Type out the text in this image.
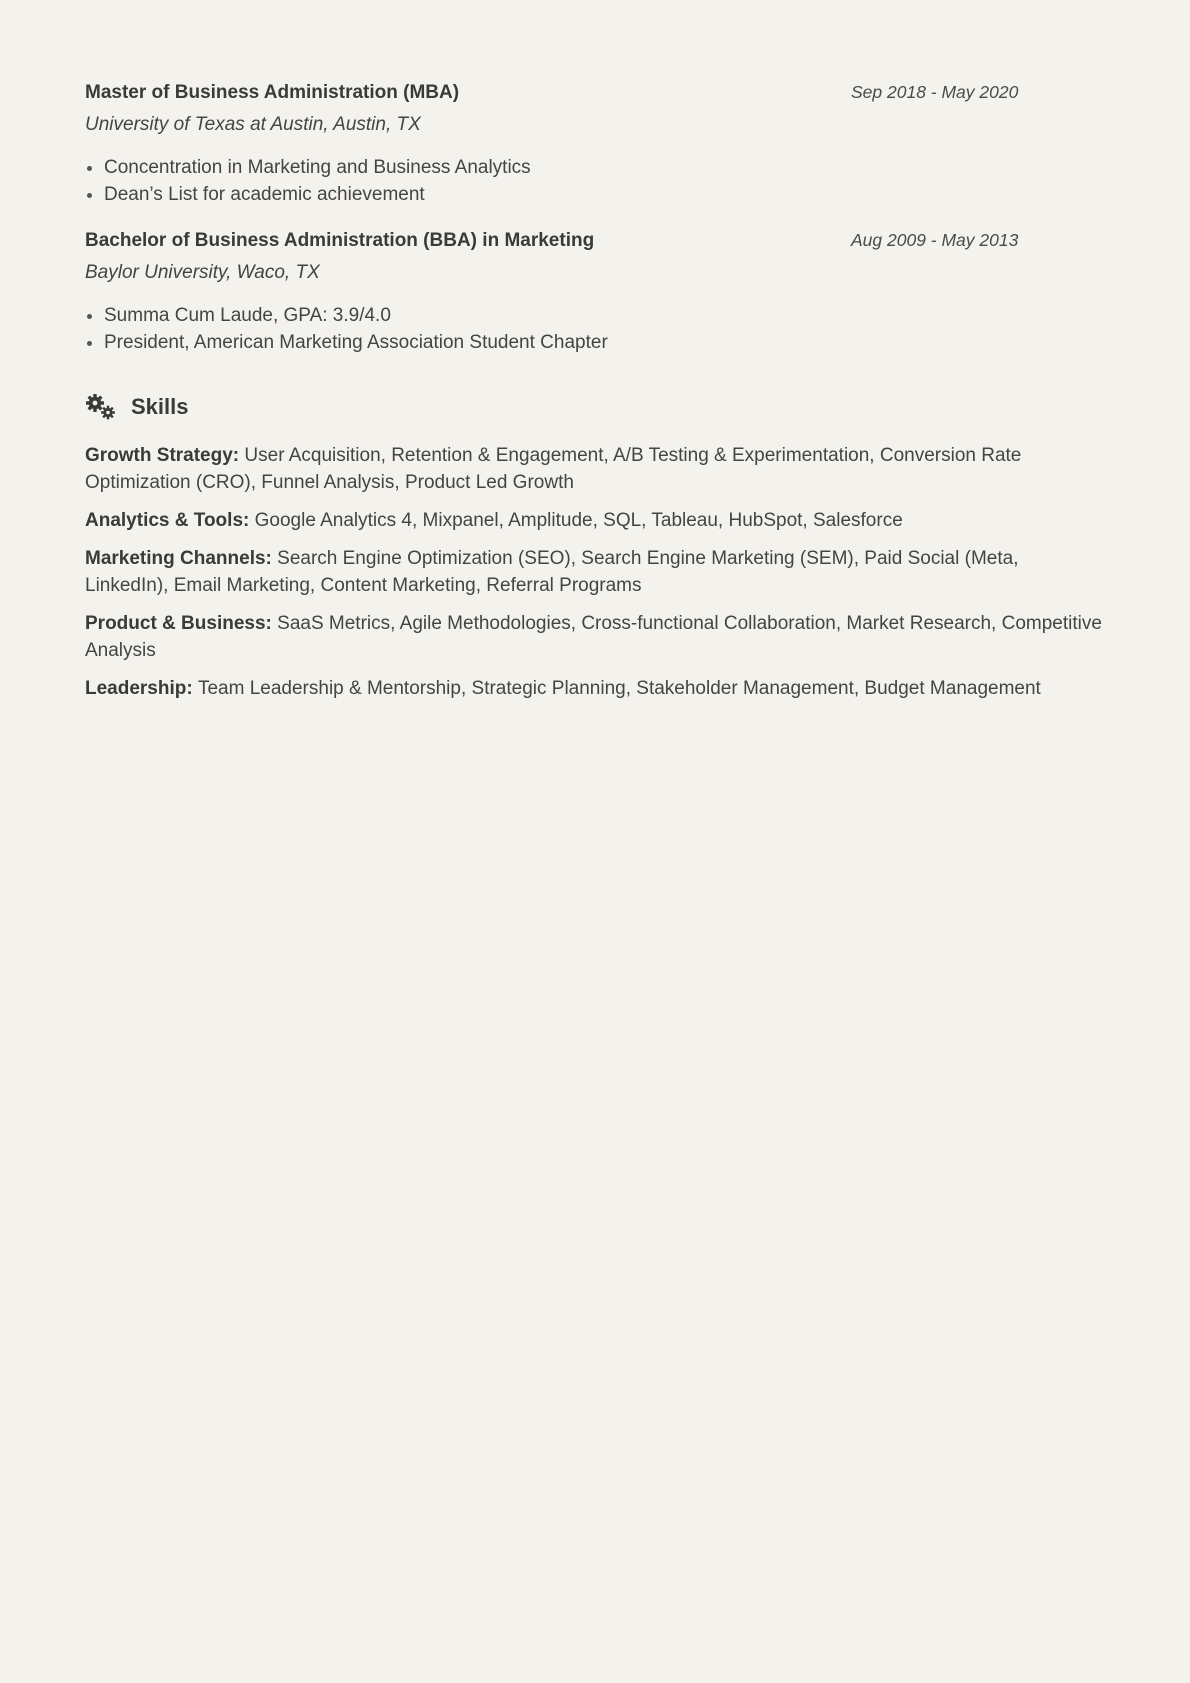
Master of Business Administration (MBA)	Sep 2018 - May 2020
University of Texas at Austin, Austin, TX
Concentration in Marketing and Business Analytics
Dean’s List for academic achievement
Bachelor of Business Administration (BBA) in Marketing	Aug 2009 - May 2013
Baylor University, Waco, TX
Summa Cum Laude, GPA: 3.9/4.0
President, American Marketing Association Student Chapter
Skills
Growth Strategy: User Acquisition, Retention & Engagement, A/B Testing & Experimentation, Conversion Rate Optimization (CRO), Funnel Analysis, Product Led Growth
Analytics & Tools: Google Analytics 4, Mixpanel, Amplitude, SQL, Tableau, HubSpot, Salesforce
Marketing Channels: Search Engine Optimization (SEO), Search Engine Marketing (SEM), Paid Social (Meta, LinkedIn), Email Marketing, Content Marketing, Referral Programs
Product & Business: SaaS Metrics, Agile Methodologies, Cross-functional Collaboration, Market Research, Competitive Analysis
Leadership: Team Leadership & Mentorship, Strategic Planning, Stakeholder Management, Budget Management
